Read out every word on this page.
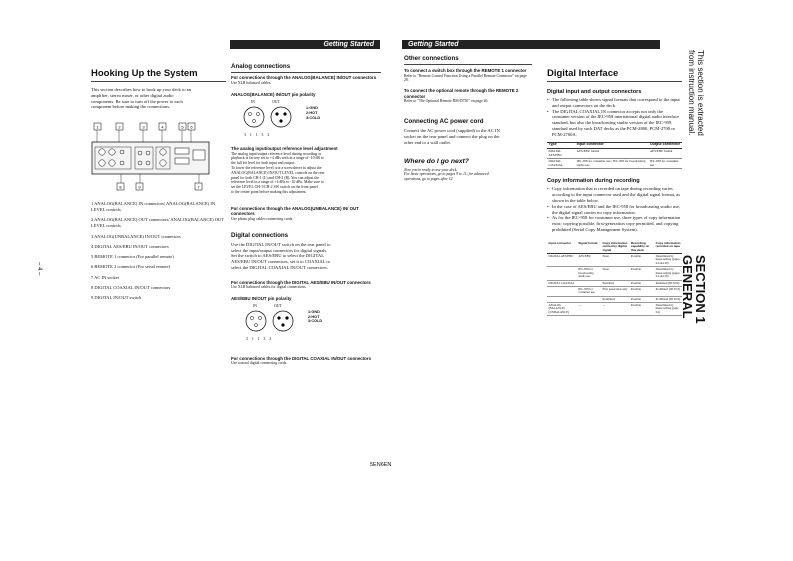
Getting Started	Getting Started
This section is extracted
from instruction manual.
SECTION 1
GENERAL
– 4 –
Hooking Up the System
This section describes how to hook up your deck to an
amplifier, stereo mixer, or other digital audio
components. Be sure to turn off the power to each
component before making the connections.
1	2	3	4	5 6
8	9	7
1 ANALOG(BALANCE) IN connectors/ ANALOG(BALANCE) IN LEVEL controls
2 ANALOG(BALANCE) OUT connectors/ ANALOG(BALANCE) OUT LEVEL controls
3 ANALOG(UNBALANCE) IN/OUT connectors
4 DIGITAL AES/EBU IN/OUT connectors
5 REMOTE 1 connector (For parallel remote)
6 REMOTE 2 connector (For serial remote)
7 AC IN socket
8 DIGITAL COAXIAL IN/OUT connectors
9 DIGITAL IN/OUT switch
Analog connections
For connections through the ANALOG(BALANCE) IN/OUT connectors
Use XLR balanced cables.
ANALOG(BALANCE) IN/OUT pin polarity
IN	OUT
1:GND
2:HOT
3:COLD
3 1 1 3 2
The analog input/output reference level adjustment
The analog input/output reference level during recording or
playback is factory set to +4 dBs with in a range of -10 dB to
the full bit level for both input and output.
To lower the reference level, use a screwdriver to adjust the
ANALOG(BALANCE) IN/OUT LEVEL controls on the rear
panel for both CH-1 (L) and CH-2 (R). You can adjust the
reference level in a range of +4 dBs to -10 dBs. Make sure to
set the LEVEL CH-1/CH-2 SW switch on the front panel
to the center point before making this adjustment.
For connections through the ANALOG(UNBALANCE) IN/ OUT connectors
Use phono plug cables connecting cords.
Digital connections
Use the DIGITAL IN/OUT switch on the rear panel to
select the input/output connectors for digital signals.
Set the switch to AES/EBU to select the DIGITAL
AES/EBU IN/OUT connectors, set it to COAXIAL to
select the DIGITAL COAXIAL IN/OUT connectors.
For connections through the DIGITAL AES/EBU IN/OUT connectors
Use XLR balanced cables for digital connections.
AES/EBU IN/OUT pin polarity
IN	OUT
1:GND
2:HOT
3:COLD
3 1 1 3 2
For connections through the DIGITAL COAXIAL IN/OUT connectors
Use coaxial digital connecting cords.
Other connections
To connect a switch box through the REMOTE 1 connector
Refer to "Remote Control Function Using a Parallel Remote Connector" on page 28.
To connect the optional remote through the REMOTE 2 connector
Refer to "The Optional Remote RM-D750" on page 26.
Connecting AC power cord
Connect the AC power cord (supplied) to the AC IN
socket on the rear panel and connect the plug on the
other end to a wall outlet.
Where do I go next?
Now you're ready to use your deck.
For basic operations, go to pages 9 to 11; for advanced
operations, go to pages after 12.
5EN6EN
Digital Interface
Digital input and output connectors
• The following table shows signal formats that correspond to the input and output connectors on the deck.
• The DIGITAL COAXIAL IN connector accepts not only the consumer version of the IEC-958 international digital audio interface standard, but also the broadcasting studio version of the IEC-958 standard used by such DAT decks as the PCM-2800, PCM-2700 or PCM-2700A.
Type	Input connector	Output connector
DIGITAL AES/EBU	AES/EBU format	AES/EBU format
DIGITAL COAXIAL	IEC-958 for consumer use / IEC-958 for broadcasting studio use	IEC-958 for consumer use
Copy information during recording
• Copy information that is recorded on tape during recording varies according to the input connector used and the digital signal format, as shown in the table below.
• In the case of AES/EBU and the IEC-958 for broadcasting studio use, the digital signal carries no copy information.
• As for the IEC-958 for consumer use, three types of copy information exist: copying possible, first-generation copy permitted, and copying prohibited (Serial Copy Management System).
Input connector	Signal format	Copy information carried by digital signal	Recording capability on this deck	Copy information recorded on tape
DIGITAL AES/EBU	AES/EBU	None	Possible	Determined by menu setting (pages 24 and 29)
	IEC-958 for broadcasting studio use	None	Possible	Determined by menu setting (pages 24 and 29)
DIGITAL COAXIAL		Permitted	Possible	Permitted (ID 6:00)
	IEC-958 for consumer use	First generation only	Possible	Prohibited (ID 6:10)
		Prohibited	Possible	Prohibited (ID 6:10)
ANALOG (BALANCE) (UNBALANCE)	—	—	Possible	Determined by menu setting (page 24)
